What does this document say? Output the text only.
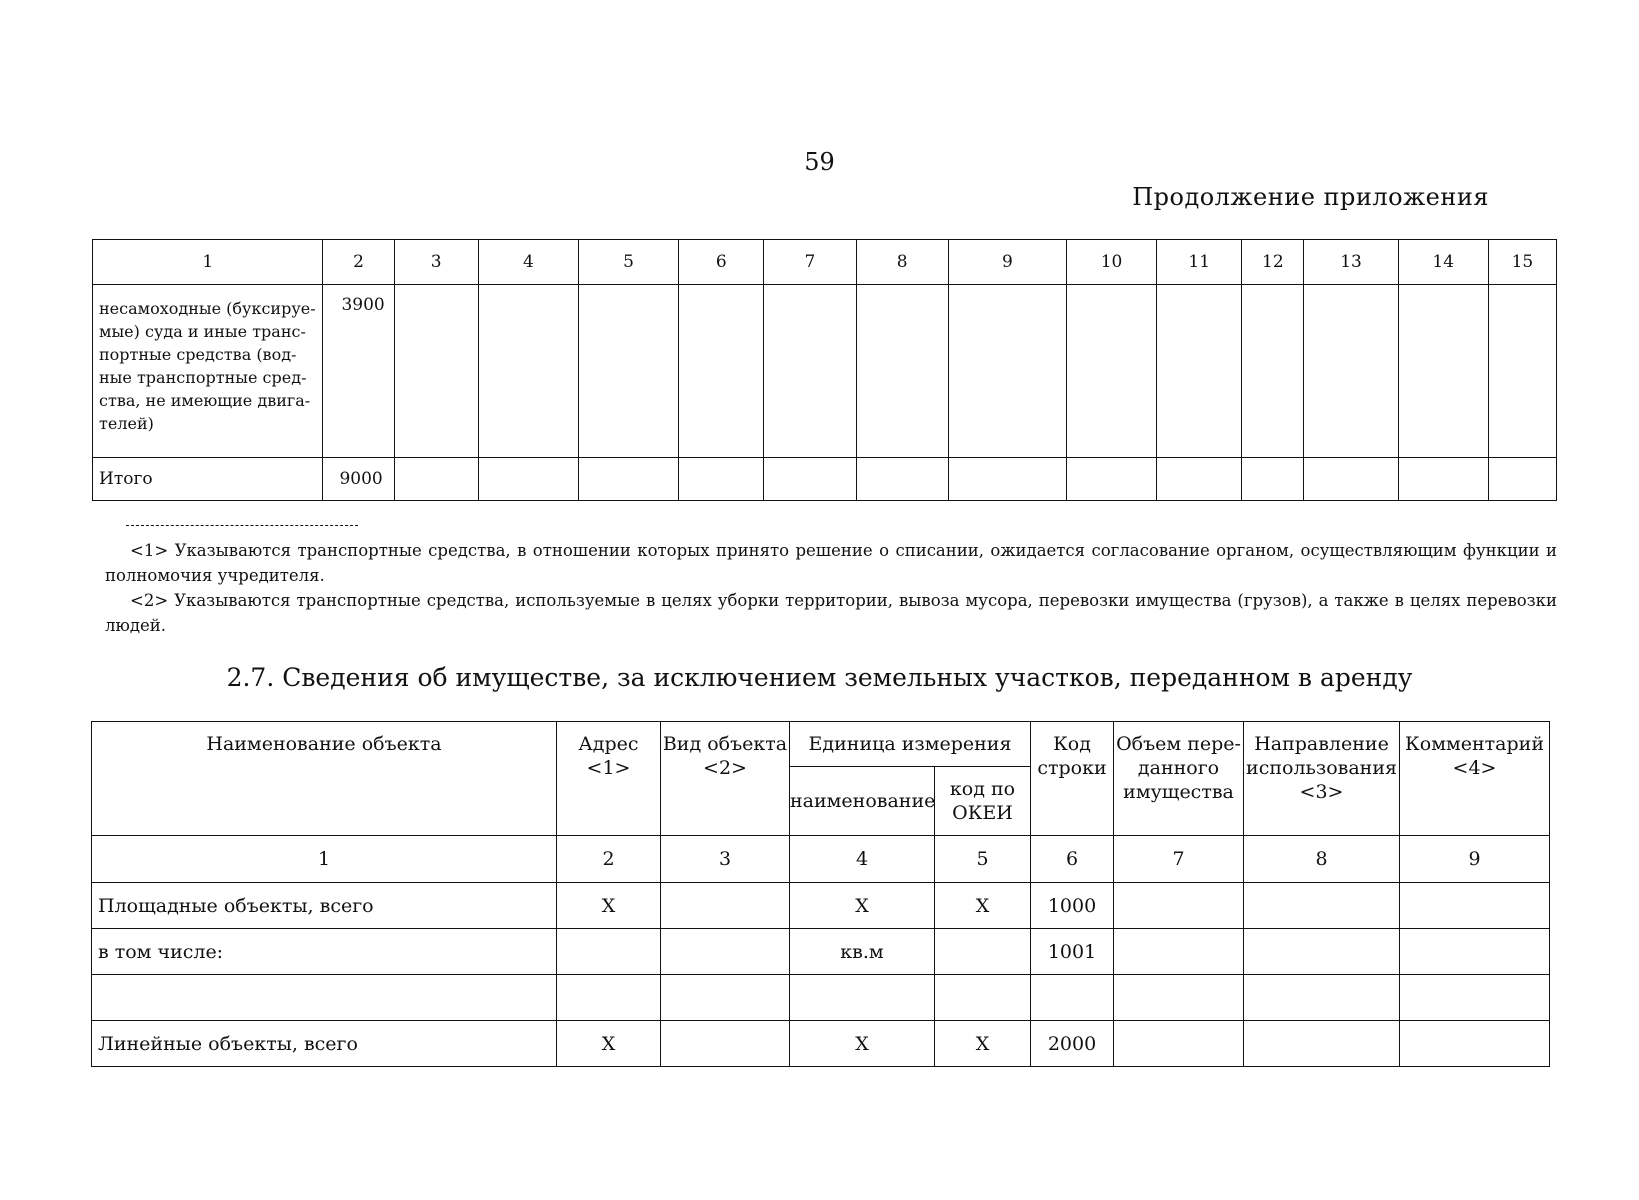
59
Продолжение приложения
1	2	3	4	5	6	7	8	9	10	11	12	13	14	15
несамоходные (буксируе-мые) суда и иные транс-портные средства (вод-ные транспортные сред-ства, не имеющие двига-телей)	3900													
Итого	9000													

<1> Указываются транспортные средства, в отношении которых принято решение о списании, ожидается согласование органом, осуществляющим функции и полномочия учредителя.

<2> Указываются транспортные средства, используемые в целях уборки территории, вывоза мусора, перевозки имущества (грузов), а также в целях перевозки людей.

2.7. Сведения об имуществе, за исключением земельных участков, переданном в аренду
Наименование объекта	Адрес <1>	Вид объекта <2>	Единица измерения		Код строки	Объем пере-данного имущества	Направление использования <3>	Комментарий <4>
			наименование	код по ОКЕИ				
1	2	3	4	5	6	7	8	9
Площадные объекты, всего	X		X	X	1000			
в том числе:			кв.м		1001			

Линейные объекты, всего	X		X	X	2000			
